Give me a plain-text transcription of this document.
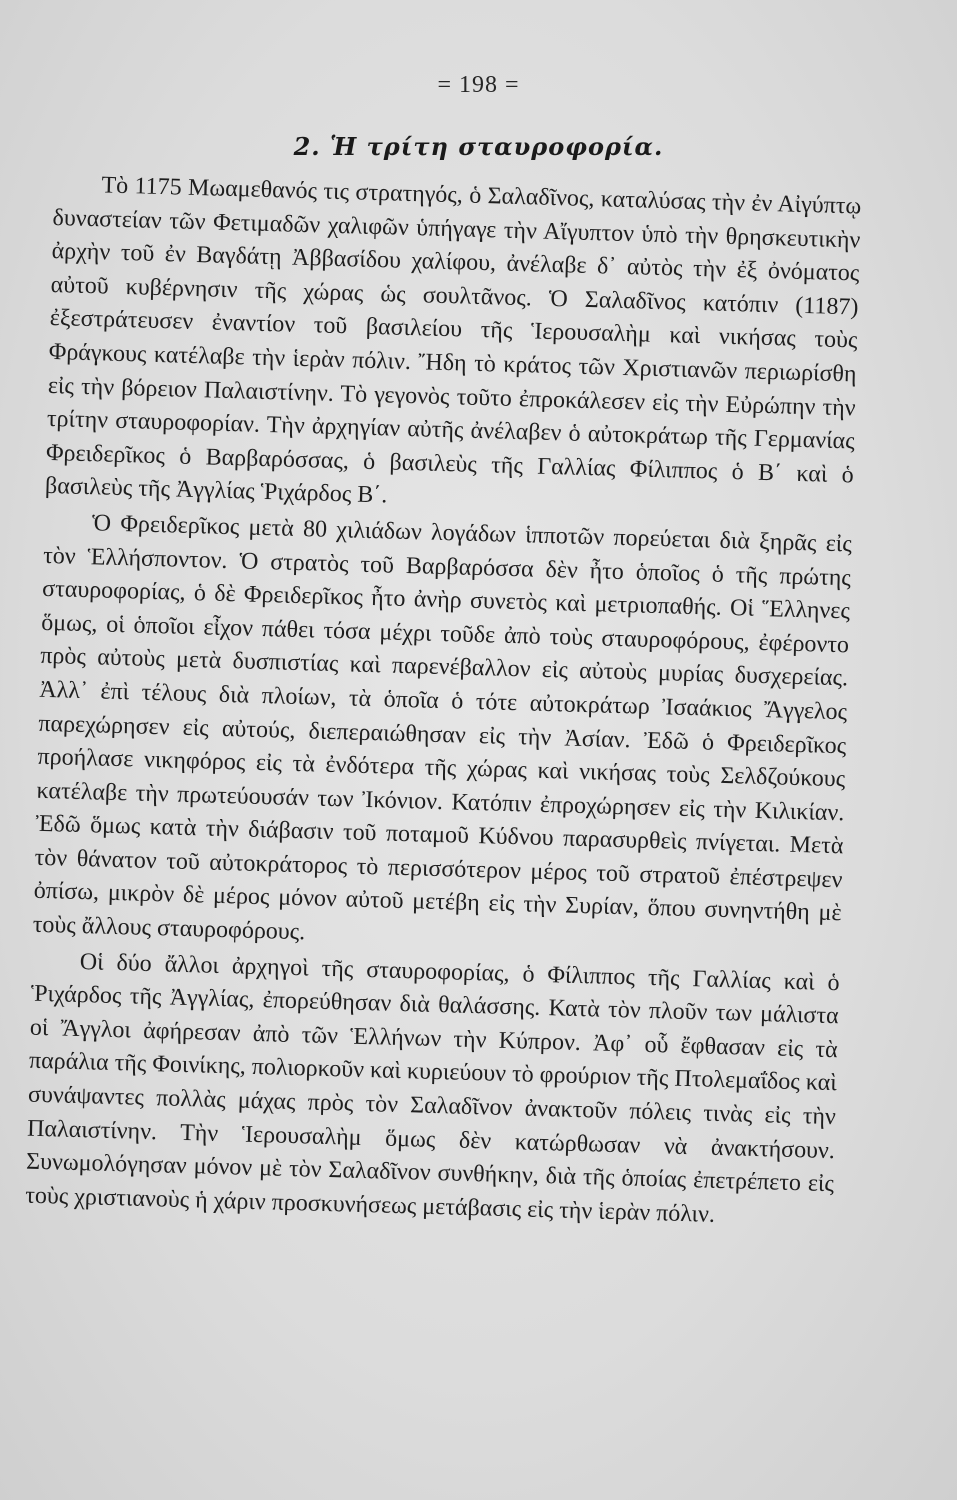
= 198 =
2. Ἡ τρίτη σταυροφορία.

Τὸ 1175 Μωαμεθανός τις στρατηγός, ὁ Σαλαδῖνος, καταλύσας τὴν ἐν Αἰγύπτῳ δυναστείαν τῶν Φετιμαδῶν χαλιφῶν ὑπήγαγε τὴν Αἴγυπτον ὑπὸ τὴν θρησκευτικὴν ἀρχὴν τοῦ ἐν Βαγδάτῃ Ἀββασίδου χαλίφου, ἀνέλαβε δ᾽ αὐτὸς τὴν ἐξ ὀνόματος αὐτοῦ κυβέρνησιν τῆς χώρας ὡς σουλτᾶνος. Ὁ Σαλαδῖνος κατόπιν (1187) ἐξεστράτευσεν ἐναντίον τοῦ βασιλείου τῆς Ἱερουσαλὴμ καὶ νικήσας τοὺς Φράγκους κατέλαβε τὴν ἱερὰν πόλιν. Ἤδη τὸ κράτος τῶν Χριστιανῶν περιωρίσθη εἰς τὴν βόρειον Παλαιστίνην. Τὸ γεγονὸς τοῦτο ἐπροκάλεσεν εἰς τὴν Εὐρώπην τὴν τρίτην σταυροφορίαν. Τὴν ἀρχηγίαν αὐτῆς ἀνέλαβεν ὁ αὐτοκράτωρ τῆς Γερμανίας Φρειδερῖκος ὁ Βαρβαρόσσας, ὁ βασιλεὺς τῆς Γαλλίας Φίλιππος ὁ Β΄ καὶ ὁ βασιλεὺς τῆς Ἀγγλίας Ῥιχάρδος Β΄.

Ὁ Φρειδερῖκος μετὰ 80 χιλιάδων λογάδων ἱπποτῶν πορεύεται διὰ ξηρᾶς εἰς τὸν Ἑλλήσποντον. Ὁ στρατὸς τοῦ Βαρβαρόσσα δὲν ἦτο ὁποῖος ὁ τῆς πρώτης σταυροφορίας, ὁ δὲ Φρειδερῖκος ἦτο ἀνὴρ συνετὸς καὶ μετριοπαθής. Οἱ Ἕλληνες ὅμως, οἱ ὁποῖοι εἶχον πάθει τόσα μέχρι τοῦδε ἀπὸ τοὺς σταυροφόρους, ἐφέροντο πρὸς αὐτοὺς μετὰ δυσπιστίας καὶ παρενέβαλλον εἰς αὐτοὺς μυρίας δυσχερείας. Ἀλλ᾽ ἐπὶ τέλους διὰ πλοίων, τὰ ὁποῖα ὁ τότε αὐτοκράτωρ Ἰσαάκιος Ἄγγελος παρεχώρησεν εἰς αὐτούς, διεπεραιώθησαν εἰς τὴν Ἀσίαν. Ἐδῶ ὁ Φρειδερῖκος προήλασε νικηφόρος εἰς τὰ ἐνδότερα τῆς χώρας καὶ νικήσας τοὺς Σελδζούκους κατέλαβε τὴν πρωτεύουσάν των Ἰκόνιον. Κατόπιν ἐπροχώρησεν εἰς τὴν Κιλικίαν. Ἐδῶ ὅμως κατὰ τὴν διάβασιν τοῦ ποταμοῦ Κύδνου παρασυρθεὶς πνίγεται. Μετὰ τὸν θάνατον τοῦ αὐτοκράτορος τὸ περισσότερον μέρος τοῦ στρατοῦ ἐπέστρεψεν ὀπίσω, μικρὸν δὲ μέρος μόνον αὐτοῦ μετέβη εἰς τὴν Συρίαν, ὅπου συνηντήθη μὲ τοὺς ἄλλους σταυροφόρους.

Οἱ δύο ἄλλοι ἀρχηγοὶ τῆς σταυροφορίας, ὁ Φίλιππος τῆς Γαλλίας καὶ ὁ Ῥιχάρδος τῆς Ἀγγλίας, ἐπορεύθησαν διὰ θαλάσσης. Κατὰ τὸν πλοῦν των μάλιστα οἱ Ἄγγλοι ἀφήρεσαν ἀπὸ τῶν Ἑλλήνων τὴν Κύπρον. Ἀφ᾽ οὗ ἔφθασαν εἰς τὰ παράλια τῆς Φοινίκης, πολιορκοῦν καὶ κυριεύουν τὸ φρούριον τῆς Πτολεμαΐδος καὶ συνάψαντες πολλὰς μάχας πρὸς τὸν Σαλαδῖνον ἀνακτοῦν πόλεις τινὰς εἰς τὴν Παλαιστίνην. Τὴν Ἱερουσαλὴμ ὅμως δὲν κατώρθωσαν νὰ ἀνακτήσουν. Συνωμολόγησαν μόνον μὲ τὸν Σαλαδῖνον συνθήκην, διὰ τῆς ὁποίας ἐπετρέπετο εἰς τοὺς χριστιανοὺς ἡ χάριν προσκυνήσεως μετάβασις εἰς τὴν ἱερὰν πόλιν.
